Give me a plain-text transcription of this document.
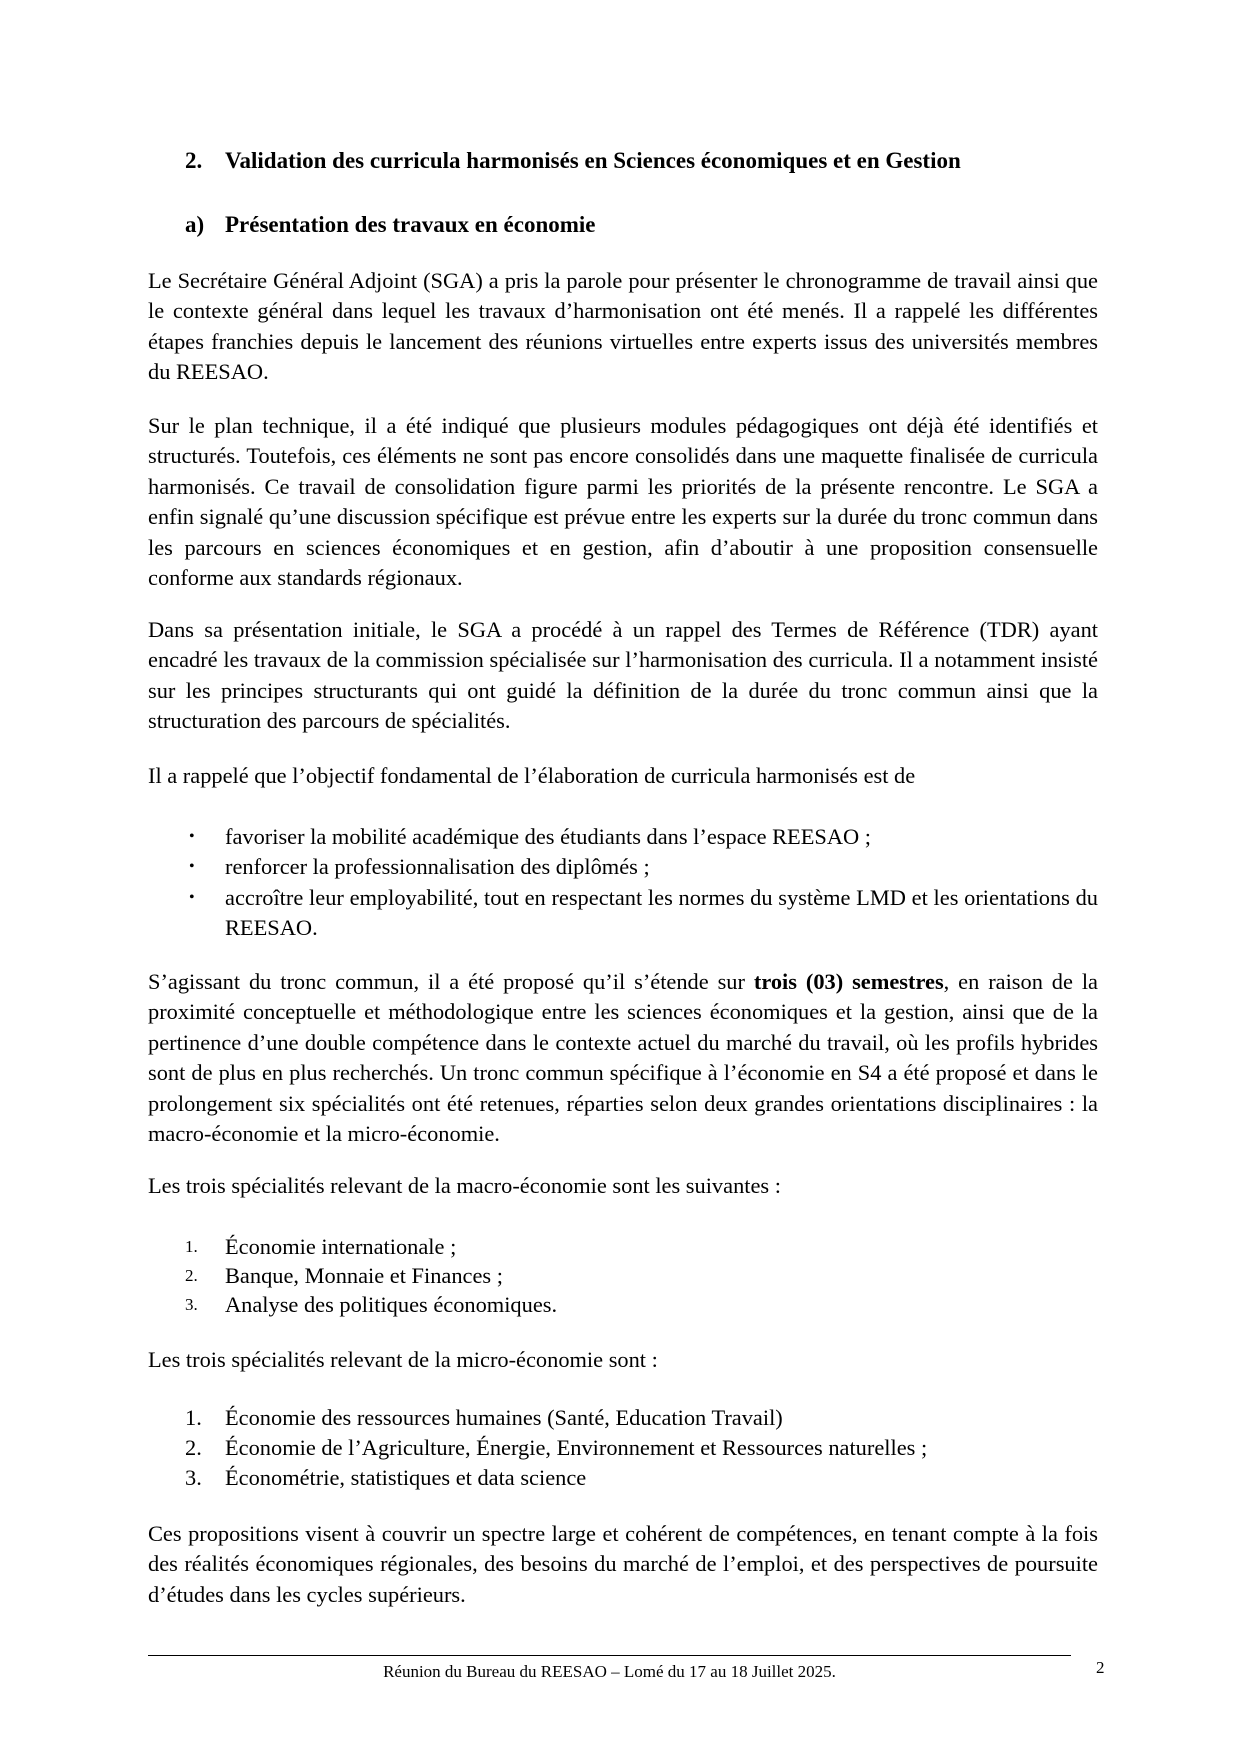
2. Validation des curricula harmonisés en Sciences économiques et en Gestion
a) Présentation des travaux en économie

Le Secrétaire Général Adjoint (SGA) a pris la parole pour présenter le chronogramme de travail ainsi que le contexte général dans lequel les travaux d’harmonisation ont été menés. Il a rappelé les différentes étapes franchies depuis le lancement des réunions virtuelles entre experts issus des universités membres du REESAO.

Sur le plan technique, il a été indiqué que plusieurs modules pédagogiques ont déjà été identifiés et structurés. Toutefois, ces éléments ne sont pas encore consolidés dans une maquette finalisée de curricula harmonisés. Ce travail de consolidation figure parmi les priorités de la présente rencontre. Le SGA a enfin signalé qu’une discussion spécifique est prévue entre les experts sur la durée du tronc commun dans les parcours en sciences économiques et en gestion, afin d’aboutir à une proposition consensuelle conforme aux standards régionaux.

Dans sa présentation initiale, le SGA a procédé à un rappel des Termes de Référence (TDR) ayant encadré les travaux de la commission spécialisée sur l’harmonisation des curricula. Il a notamment insisté sur les principes structurants qui ont guidé la définition de la durée du tronc commun ainsi que la structuration des parcours de spécialités.

Il a rappelé que l’objectif fondamental de l’élaboration de curricula harmonisés est de

• favoriser la mobilité académique des étudiants dans l’espace REESAO ;
• renforcer la professionnalisation des diplômés ;
• accroître leur employabilité, tout en respectant les normes du système LMD et les orientations du REESAO.

S’agissant du tronc commun, il a été proposé qu’il s’étende sur trois (03) semestres, en raison de la proximité conceptuelle et méthodologique entre les sciences économiques et la gestion, ainsi que de la pertinence d’une double compétence dans le contexte actuel du marché du travail, où les profils hybrides sont de plus en plus recherchés. Un tronc commun spécifique à l’économie en S4 a été proposé et dans le prolongement six spécialités ont été retenues, réparties selon deux grandes orientations disciplinaires : la macro-économie et la micro-économie.

Les trois spécialités relevant de la macro-économie sont les suivantes :

1. Économie internationale ;
2. Banque, Monnaie et Finances ;
3. Analyse des politiques économiques.

Les trois spécialités relevant de la micro-économie sont :

1. Économie des ressources humaines (Santé, Education Travail)
2. Économie de l’Agriculture, Énergie, Environnement et Ressources naturelles ;
3. Économétrie, statistiques et data science

Ces propositions visent à couvrir un spectre large et cohérent de compétences, en tenant compte à la fois des réalités économiques régionales, des besoins du marché de l’emploi, et des perspectives de poursuite d’études dans les cycles supérieurs.

Réunion du Bureau du REESAO – Lomé du 17 au 18 Juillet 2025.	2
